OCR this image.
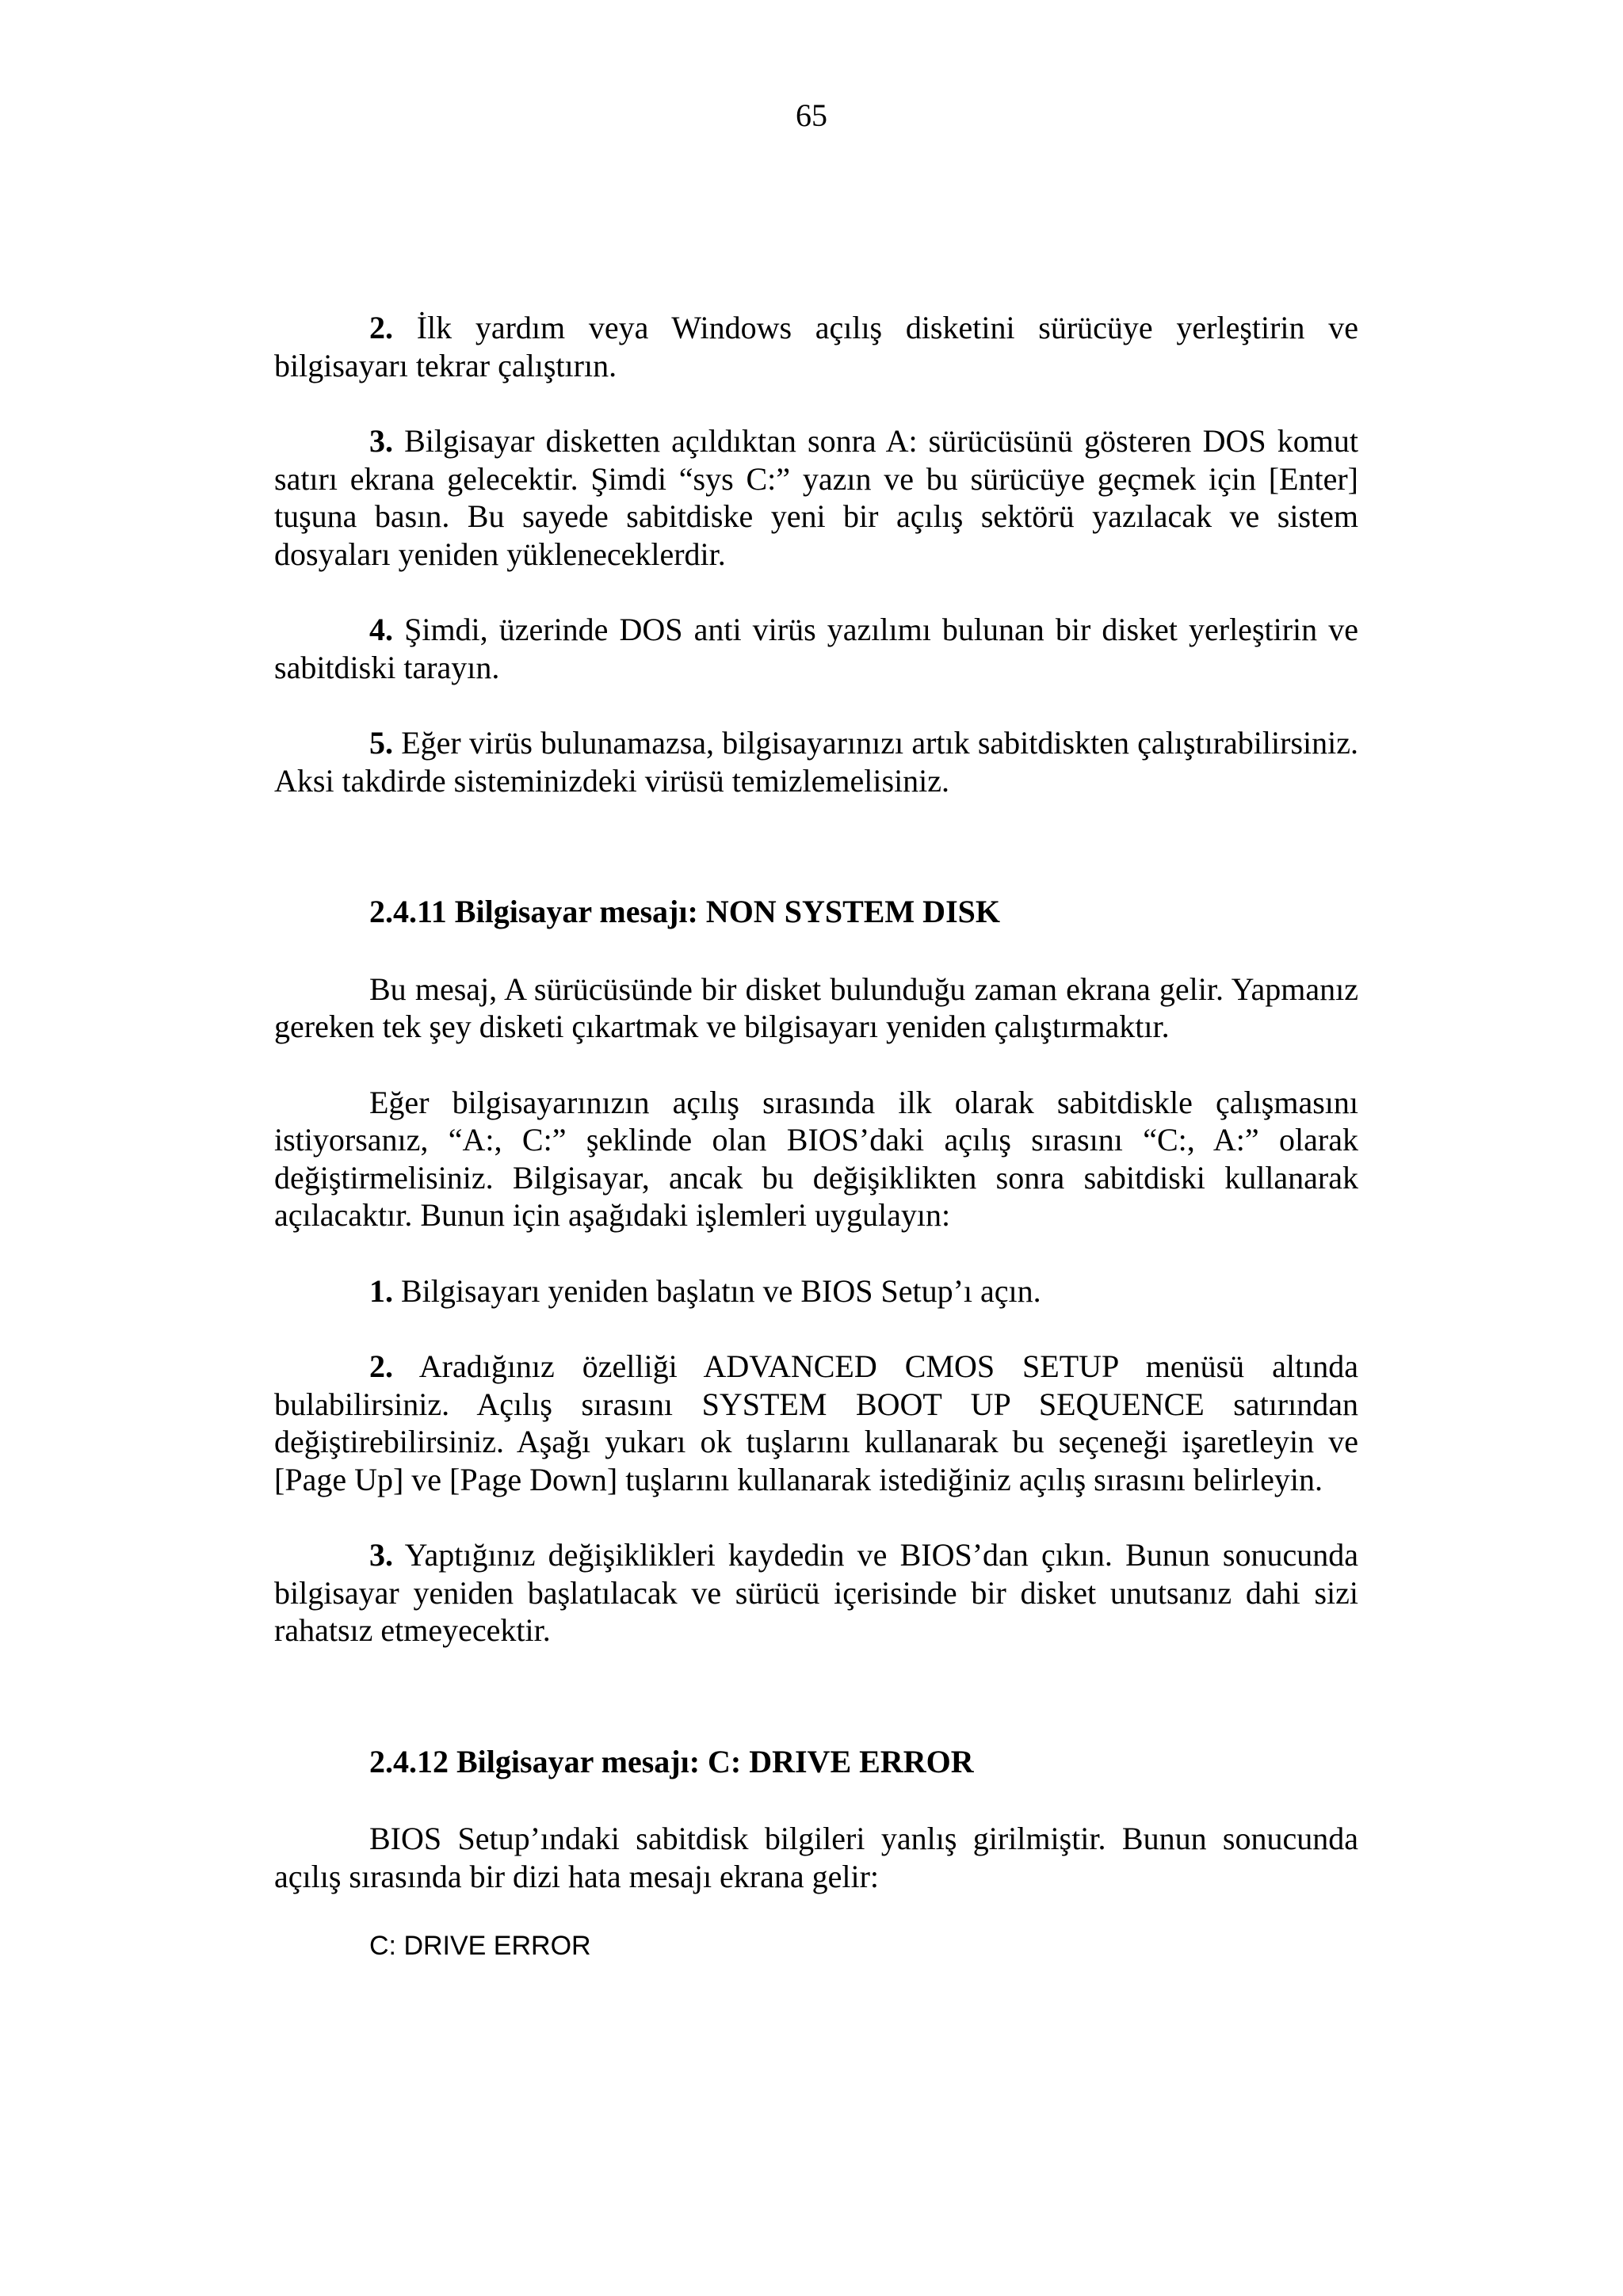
65

2. İlk yardım veya Windows açılış disketini sürücüye yerleştirin ve bilgisayarı tekrar çalıştırın.

3. Bilgisayar disketten açıldıktan sonra A: sürücüsünü gösteren DOS komut satırı ekrana gelecektir. Şimdi “sys C:” yazın ve bu sürücüye geçmek için [Enter] tuşuna basın. Bu sayede sabitdiske yeni bir açılış sektörü yazılacak ve sistem dosyaları yeniden yükleneceklerdir.

4. Şimdi, üzerinde DOS anti virüs yazılımı bulunan bir disket yerleştirin ve sabitdiski tarayın.

5. Eğer virüs bulunamazsa, bilgisayarınızı artık sabitdiskten çalıştırabilirsiniz. Aksi takdirde sisteminizdeki virüsü temizlemelisiniz.

2.4.11 Bilgisayar mesajı: NON SYSTEM DISK

Bu mesaj, A sürücüsünde bir disket bulunduğu zaman ekrana gelir. Yapmanız gereken tek şey disketi çıkartmak ve bilgisayarı yeniden çalıştırmaktır.

Eğer bilgisayarınızın açılış sırasında ilk olarak sabitdiskle çalışmasını istiyorsanız, “A:, C:” şeklinde olan BIOS’daki açılış sırasını “C:, A:” olarak değiştirmelisiniz. Bilgisayar, ancak bu değişiklikten sonra sabitdiski kullanarak açılacaktır. Bunun için aşağıdaki işlemleri uygulayın:

1. Bilgisayarı yeniden başlatın ve BIOS Setup’ı açın.

2. Aradığınız özelliği ADVANCED CMOS SETUP menüsü altında bulabilirsiniz. Açılış sırasını SYSTEM BOOT UP SEQUENCE satırından değiştirebilirsiniz. Aşağı yukarı ok tuşlarını kullanarak bu seçeneği işaretleyin ve [Page Up] ve [Page Down] tuşlarını kullanarak istediğiniz açılış sırasını belirleyin.

3. Yaptığınız değişiklikleri kaydedin ve BIOS’dan çıkın. Bunun sonucunda bilgisayar yeniden başlatılacak ve sürücü içerisinde bir disket unutsanız dahi sizi rahatsız etmeyecektir.

2.4.12 Bilgisayar mesajı: C: DRIVE ERROR

BIOS Setup’ındaki sabitdisk bilgileri yanlış girilmiştir. Bunun sonucunda açılış sırasında bir dizi hata mesajı ekrana gelir:

C: DRIVE ERROR
